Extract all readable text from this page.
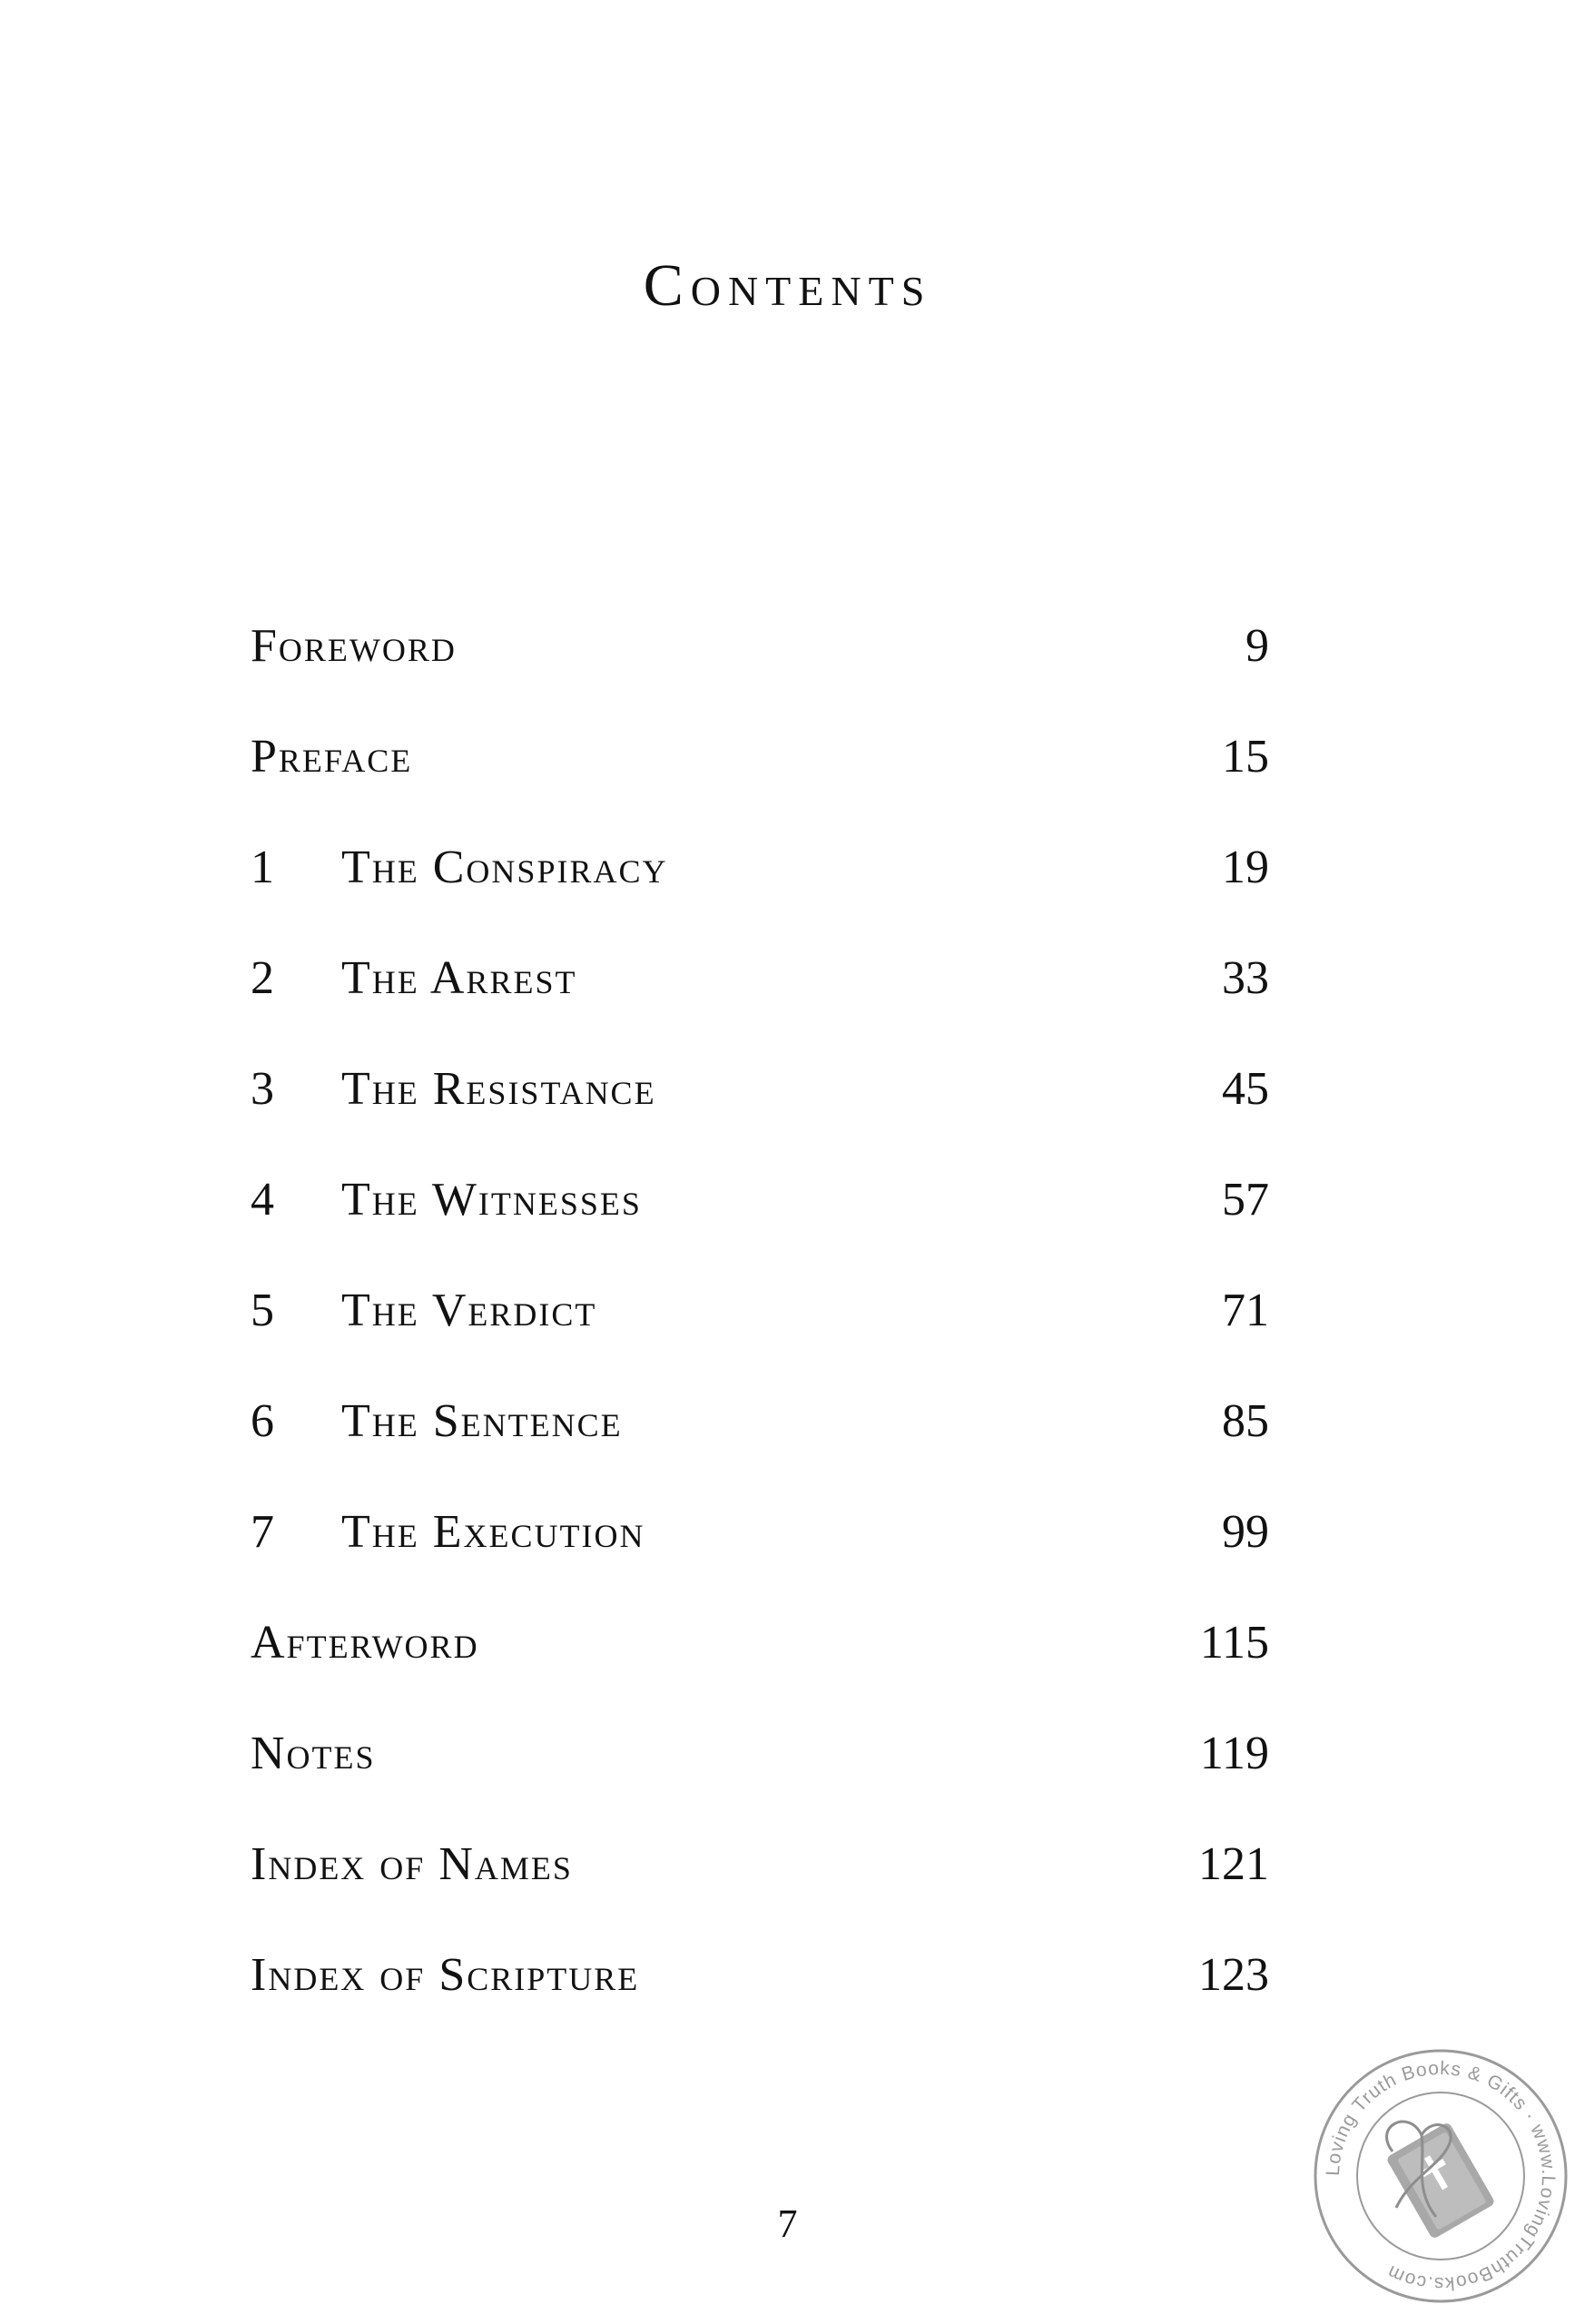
Contents
Foreword	9
Preface	15
1 The Conspiracy	19
2 The Arrest	33
3 The Resistance	45
4 The Witnesses	57
5 The Verdict	71
6 The Sentence	85
7 The Execution	99
Afterword	115
Notes	119
Index of Names	121
Index of Scripture	123
7
Loving Truth Books & Gifts · www.LovingTruthBooks.com
